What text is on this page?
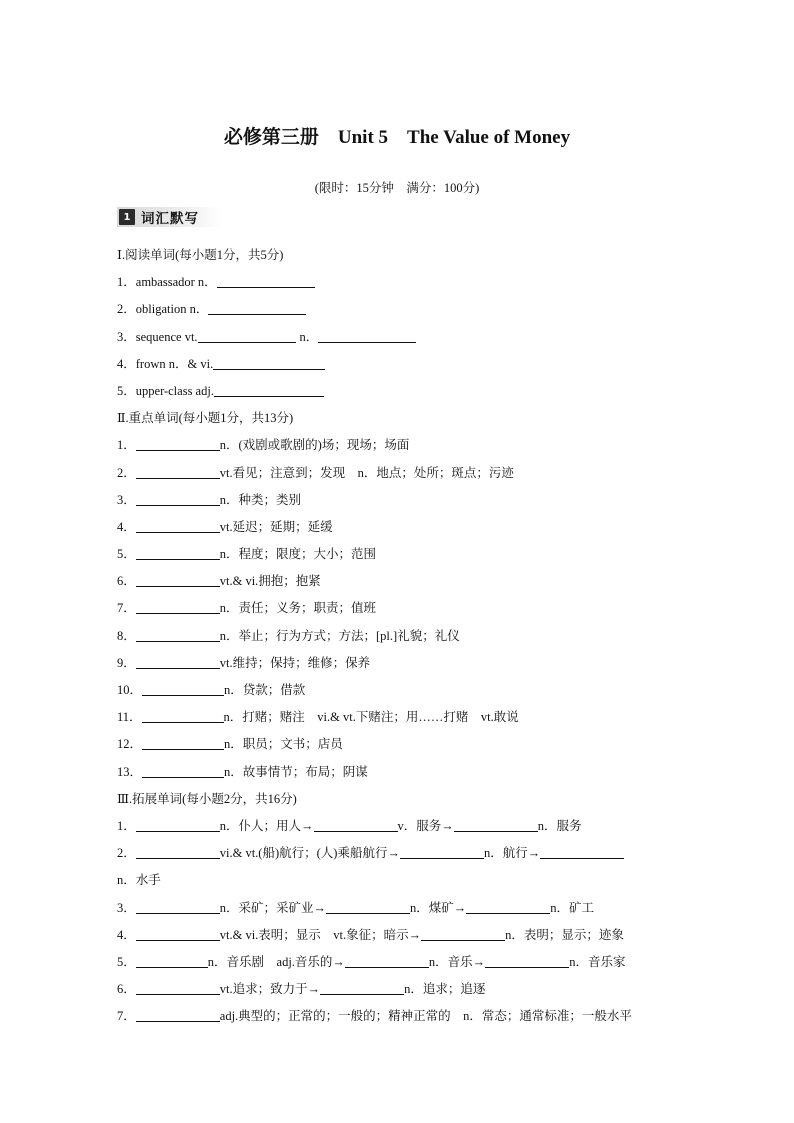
必修第三册　Unit 5　The Value of Money
(限时：15分钟　满分：100分)
1 词汇默写
Ⅰ.阅读单词(每小题1分，共5分)
1．ambassador n．
2．obligation n．
3．sequence vt.	n．
4．frown n．& vi.
5．upper-class adj.
Ⅱ.重点单词(每小题1分，共13分)
1．	n．(戏剧或歌剧的)场；现场；场面
2．	vt.看见；注意到；发现　n．地点；处所；斑点；污迹
3．	n．种类；类别
4．	vt.延迟；延期；延缓
5．	n．程度；限度；大小；范围
6．	vt.& vi.拥抱；抱紧
7．	n．责任；义务；职责；值班
8．	n．举止；行为方式；方法；[pl.]礼貌；礼仪
9．	vt.维持；保持；维修；保养
10．	n．贷款；借款
11．	n．打赌；赌注　vi.& vt.下赌注；用……打赌　vt.敢说
12．	n．职员；文书；店员
13．	n．故事情节；布局；阴谋
Ⅲ.拓展单词(每小题2分，共16分)
1．	n．仆人；用人→	v．服务→	n．服务
2．	vi.& vt.(船)航行；(人)乘船航行→	n．航行→
n．水手
3．	n．采矿；采矿业→	n．煤矿→	n．矿工
4．	vt.& vi.表明；显示　vt.象征；暗示→	n．表明；显示；迹象
5．	n．音乐剧　adj.音乐的→	n．音乐→	n．音乐家
6．	vt.追求；致力于→	n．追求；追逐
7．	adj.典型的；正常的；一般的；精神正常的　n．常态；通常标准；一般水平
